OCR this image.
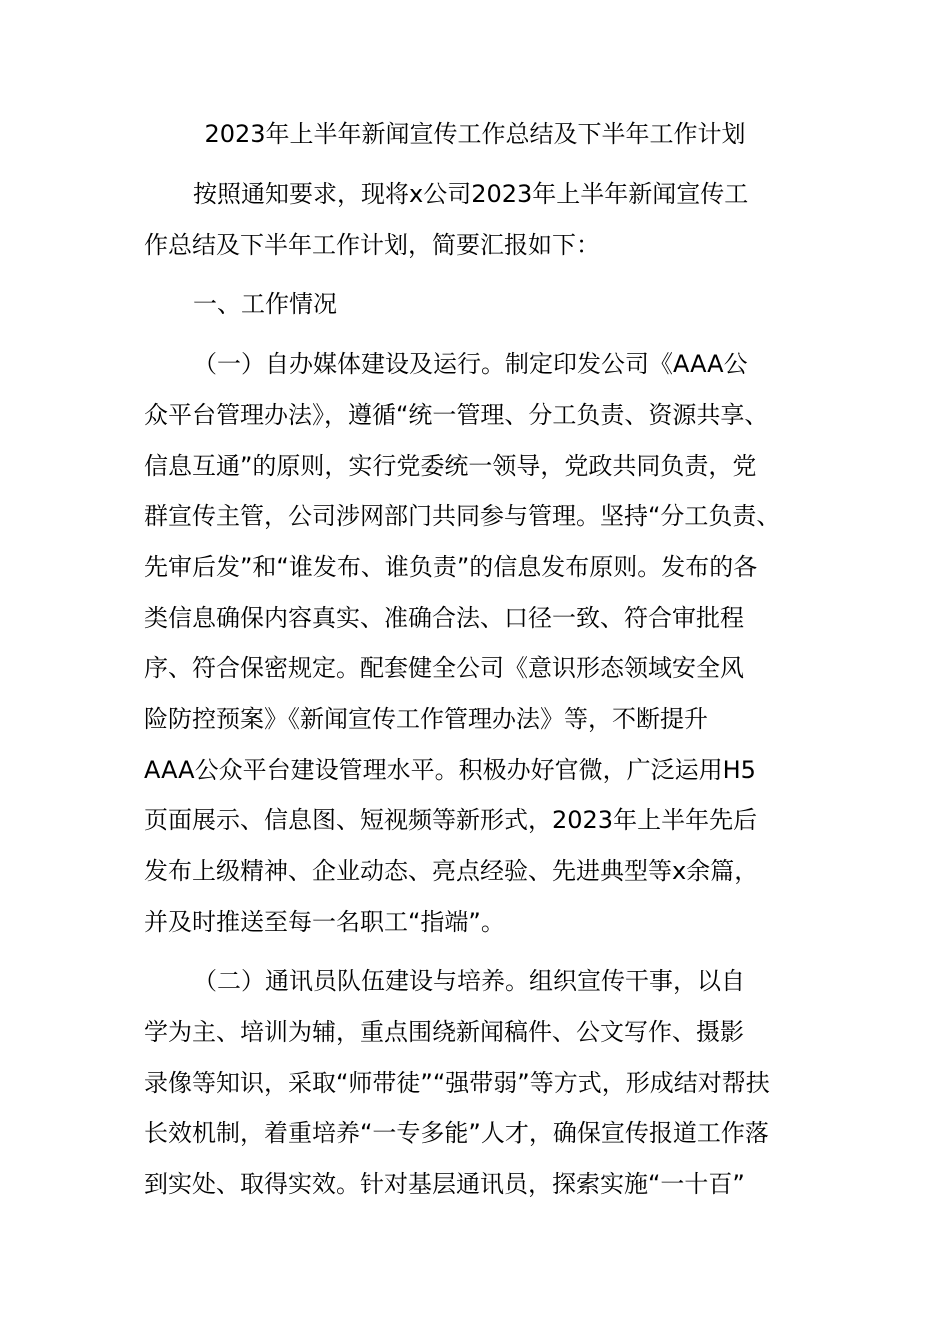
2023年上半年新闻宣传工作总结及下半年工作计划
按照通知要求，现将x公司2023年上半年新闻宣传工
作总结及下半年工作计划，简要汇报如下：
一、工作情况
（一）自办媒体建设及运行。制定印发公司《AAA公
众平台管理办法》，遵循“统一管理、分工负责、资源共享、
信息互通”的原则，实行党委统一领导，党政共同负责，党
群宣传主管，公司涉网部门共同参与管理。坚持“分工负责、
先审后发”和“谁发布、谁负责”的信息发布原则。发布的各
类信息确保内容真实、准确合法、口径一致、符合审批程
序、符合保密规定。配套健全公司《意识形态领域安全风
险防控预案》《新闻宣传工作管理办法》等，不断提升
AAA公众平台建设管理水平。积极办好官微，广泛运用H5
页面展示、信息图、短视频等新形式，2023年上半年先后
发布上级精神、企业动态、亮点经验、先进典型等x余篇，
并及时推送至每一名职工“指端”。
（二）通讯员队伍建设与培养。组织宣传干事，以自
学为主、培训为辅，重点围绕新闻稿件、公文写作、摄影
录像等知识，采取“师带徒”“强带弱”等方式，形成结对帮扶
长效机制，着重培养“一专多能”人才，确保宣传报道工作落
到实处、取得实效。针对基层通讯员，探索实施“一十百”
